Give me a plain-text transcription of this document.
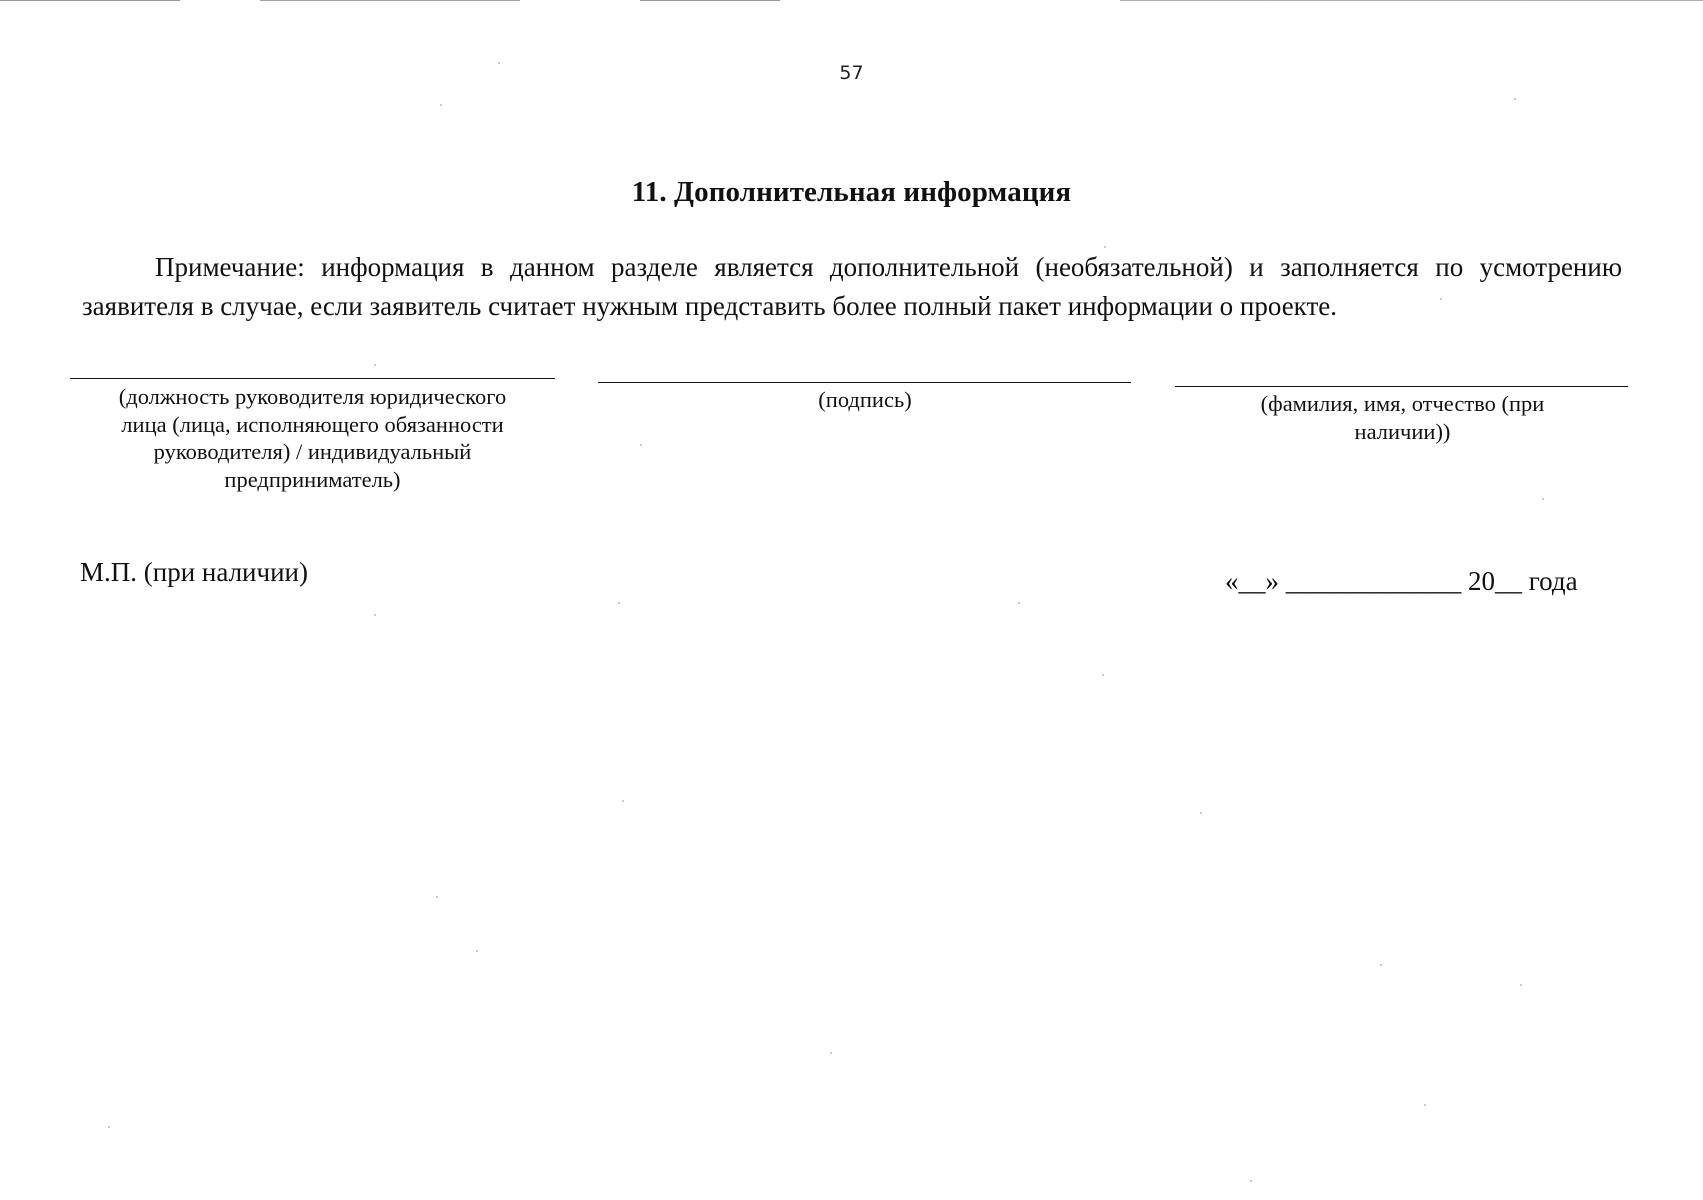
57
11. Дополнительная информация
Примечание: информация в данном разделе является дополнительной (необязательной) и заполняется по усмотрению заявителя в случае, если заявитель считает нужным представить более полный пакет информации о проекте.
(должность руководителя юридического лица (лица, исполняющего обязанности руководителя) / индивидуальный предприниматель)
(подпись)	(фамилия, имя, отчество (при наличии))
М.П. (при наличии)	«__» _____________ 20__ года
